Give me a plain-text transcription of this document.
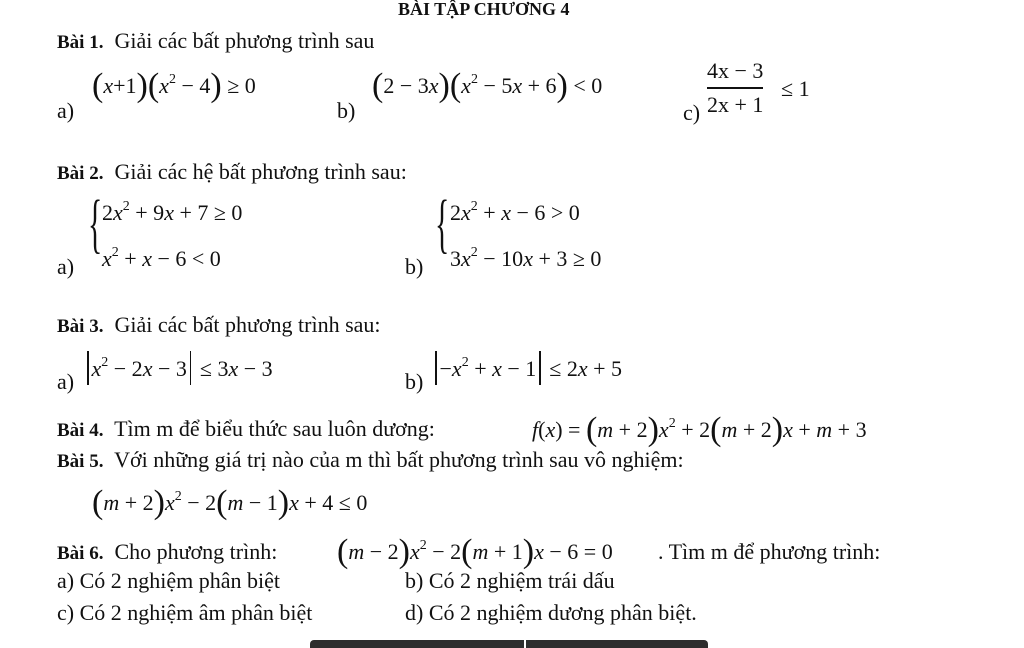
BÀI TẬP CHƯƠNG 4
Bài 1. Giải các bất phương trình sau
a)
$(x+1)(x^2 - 4) \ge 0$
b)
$(2 - 3x)(x^2 - 5x + 6) < 0$
c)
4x − 3
2x + 1
≤ 1
Bài 2. Giải các hệ bất phương trình sau:
a)
{ $2x^2 + 9x + 7 \ge 0$
$x^2 + x - 6 < 0$	b)
{ $2x^2 + x - 6 > 0$
$3x^2 - 10x + 3 \ge 0$
Bài 3. Giải các bất phương trình sau:
a)
$x^2 - 2x - 3 \le 3x - 3$
b)
$-x^2 + x - 1 \le 2x + 5$
Bài 4. Tìm m để biểu thức sau luôn dương:	$f(x) = (m + 2)x^2 + 2(m + 2)x + m + 3$
Bài 5. Với những giá trị nào của m thì bất phương trình sau vô nghiệm:
$(m + 2)x^2 - 2(m - 1)x + 4 \le 0$
Bài 6. Cho phương trình: $(m - 2)x^2 - 2(m + 1)x - 6 = 0$ . Tìm m để phương trình:
a) Có 2 nghiệm phân biệt	b) Có 2 nghiệm trái dấu
c) Có 2 nghiệm âm phân biệt	d) Có 2 nghiệm dương phân biệt.
